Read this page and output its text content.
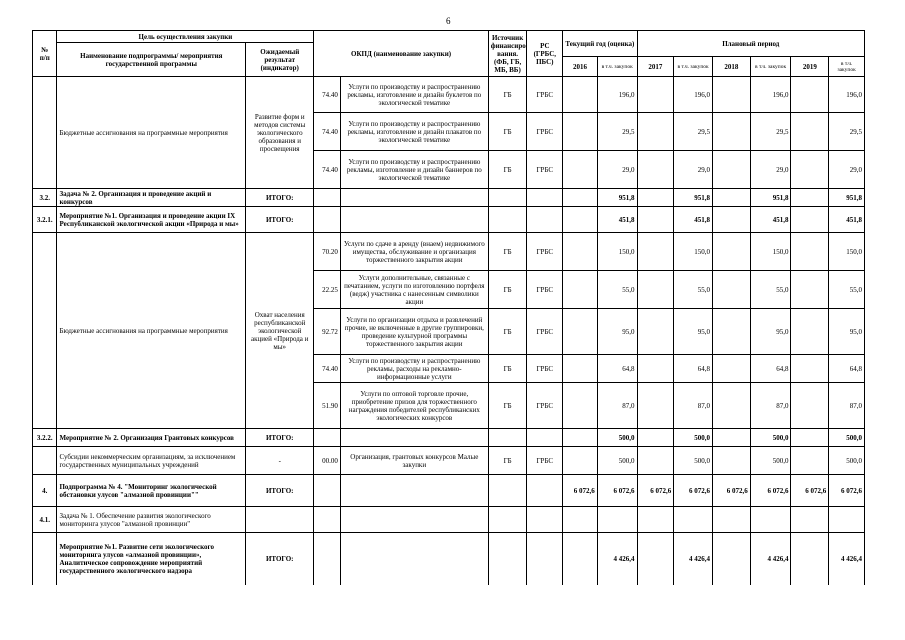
6
№
п/п	Цель осуществления закупки		ОКПД (наименование закупки)		Источник финансиро вания. (ФБ, ГБ, МБ, ВБ)	РС (ГРБС, ПБС)	Текущий год (оценка)		Плановый период					
	Наименование подпрограммы/ мероприятия государственной программы	Ожидаемый результат (индикатор)												
							2016	в т.ч. закупок	2017	в т.ч. закупок	2018	в т.ч. закупок	2019	в т.ч. закупок
	Бюджетные ассигнования на программные мероприятия	Развитие форм и методов системы экологического образования и просвещения	74.40	Услуги по производству и распространению рекламы, изготовление и дизайн буклетов по экологической тематике	ГБ	ГРБС		196,0		196,0		196,0		196,0
			74.40	Услуги по производству и распространению рекламы, изготовление и дизайн плакатов по экологической тематике	ГБ	ГРБС		29,5		29,5		29,5		29,5
			74.40	Услуги по производству и распространению рекламы, изготовление и дизайн баннеров по экологической тематике	ГБ	ГРБС		29,0		29,0		29,0		29,0
3.2.	Задача № 2. Организация и проведение акций и конкурсов	ИТОГО:						951,8		951,8		951,8		951,8
3.2.1.	Мероприятие №1. Организация и проведение акции IX Республиканской экологической акции «Природа и мы»	ИТОГО:						451,8		451,8		451,8		451,8
	Бюджетные ассигнования на программные мероприятия	Охват населения республиканской экологической акцией «Природа и мы»	70.20	Услуги по сдаче в аренду (внаем) недвижимого имущества, обслуживание и организация торжественного закрытия акции	ГБ	ГРБС		150,0		150,0		150,0		150,0
			22.25	Услуги дополнительные, связанные с печатанием, услуги по изготовлению портфеля (ведж) участника с нанесенным символики акции	ГБ	ГРБС		55,0		55,0		55,0		55,0
			92.72	Услуги по организации отдыха и развлечений прочие, не включенные в другие группировки, проведение культурной программы торжественного закрытия акции	ГБ	ГРБС		95,0		95,0		95,0		95,0
			74.40	Услуги по производству и распространению рекламы, расходы на рекламно-информационные услуги	ГБ	ГРБС		64,8		64,8		64,8		64,8
			51.90	Услуги по оптовой торговле прочие, приобретение призов для торжественного награждения победителей республиканских экологических конкурсов	ГБ	ГРБС		87,0		87,0		87,0		87,0
3.2.2.	Мероприятие № 2. Организация Грантовых конкурсов	ИТОГО:						500,0		500,0		500,0		500,0
	Субсидии некоммерческим организациям, за исключением государственных муниципальных учреждений	-	00.00	Организация, грантовых конкурсов Малые закупки	ГБ	ГРБС		500,0		500,0		500,0		500,0
4.	Подпрограмма № 4. "Мониторинг экологической обстановки улусов "алмазной провинции""	ИТОГО:					6 072,6	6 072,6	6 072,6	6 072,6	6 072,6	6 072,6	6 072,6	6 072,6
4.1.	Задача № 1. Обеспечение развития экологического мониторинга улусов "алмазной провинции"													
	Мероприятие №1. Развитие сети экологического мониторинга улусов «алмазной провинции», Аналитическое сопровождение мероприятий государственного экологического надзора	ИТОГО:						4 426,4		4 426,4		4 426,4		4 426,4
